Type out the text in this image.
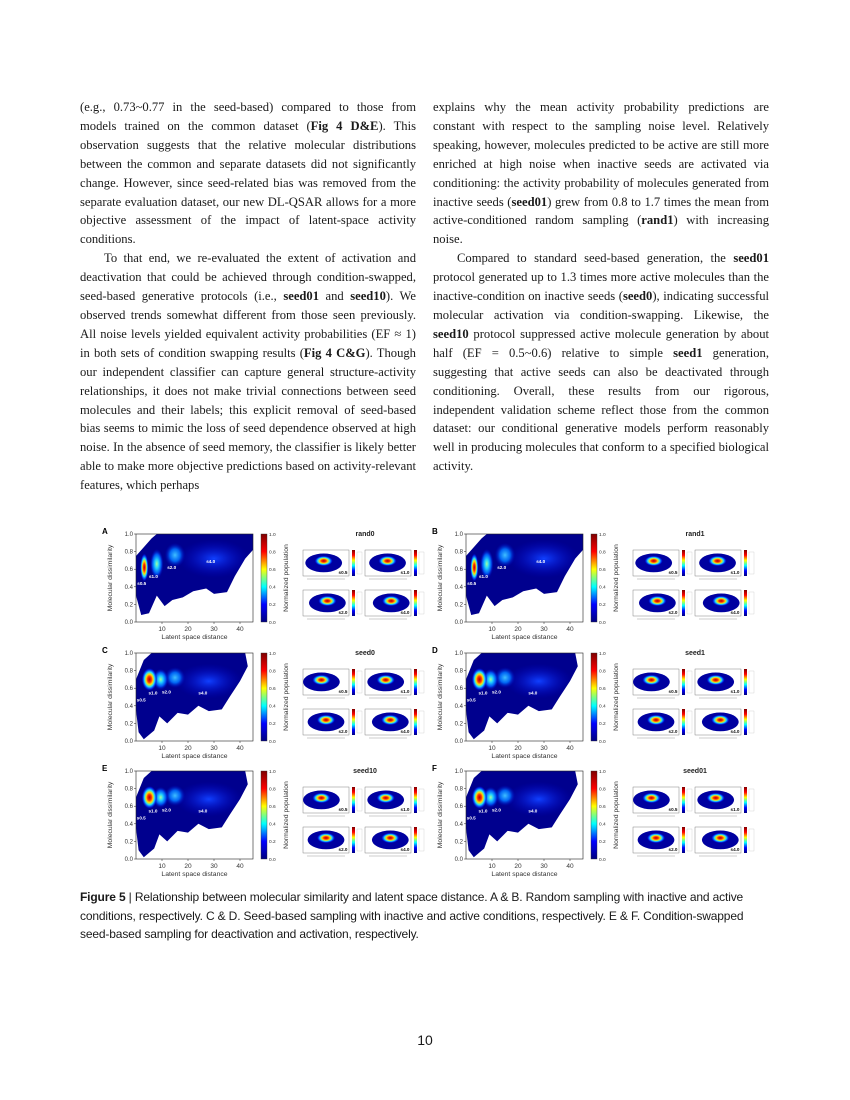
(e.g., 0.73~0.77 in the seed-based) compared to those from models trained on the common dataset (Fig 4 D&E). This observation suggests that the relative molecular distributions between the common and separate datasets did not significantly change. However, since seed-related bias was removed from the separate evaluation dataset, our new DL-QSAR allows for a more objective assessment of the impact of latent-space activity conditions.

To that end, we re-evaluated the extent of activation and deactivation that could be achieved through condition-swapped, seed-based generative protocols (i.e., seed01 and seed10). We observed trends somewhat different from those seen previously. All noise levels yielded equivalent activity probabilities (EF ≈ 1) in both sets of condition swapping results (Fig 4 C&G). Though our independent classifier can capture general structure-activity relationships, it does not make trivial connections between seed molecules and their labels; this explicit removal of seed-based bias seems to mimic the loss of seed dependence observed at high noise. In the absence of seed memory, the classifier is likely better able to make more objective predictions based on activity-relevant features, which perhaps

explains why the mean activity probability predictions are constant with respect to the sampling noise level. Relatively speaking, however, molecules predicted to be active are still more enriched at high noise when inactive seeds are activated via conditioning: the activity probability of molecules generated from inactive seeds (seed01) grew from 0.8 to 1.7 times the mean from active-conditioned random sampling (rand1) with increasing noise.

Compared to standard seed-based generation, the seed01 protocol generated up to 1.3 times more active molecules than the inactive-condition on inactive seeds (seed0), indicating successful molecular activation via condition-swapping. Likewise, the seed10 protocol suppressed active molecule generation by about half (EF = 0.5~0.6) relative to simple seed1 generation, suggesting that active seeds can also be deactivated through conditioning. Overall, these results from our rigorous, independent validation scheme reflect those from the common dataset: our conditional generative models perform reasonably well in producing molecules that conform to a specified biological activity.

A
s0.5
s1.0
s2.0
s4.0
0.0
0.2
0.4
0.6
0.8
1.0
10	20	30	40
Latent space distance
Molecular dissimilarity
0.0
0.2
0.4
0.6
0.8
1.0
Normalized population
rand0
s0.5	s1.0
s2.0	s4.0
B
s0.5
s1.0
s2.0
s4.0
0.0
0.2
0.4
0.6
0.8
1.0
10	20	30	40
Latent space distance
Molecular dissimilarity
0.0
0.2
0.4
0.6
0.8
1.0
Normalized population
rand1
s0.5	s1.0
s2.0	s4.0
C
s0.5
s1.0 s2.0	s4.0
0.0
0.2
0.4
0.6
0.8
1.0
10	20	30	40
Latent space distance
Molecular dissimilarity
0.0
0.2
0.4
0.6
0.8
1.0
Normalized population
seed0
s0.5	s1.0
s2.0	s4.0
D
s0.5
s1.0 s2.0	s4.0
0.0
0.2
0.4
0.6
0.8
1.0
10	20	30	40
Latent space distance
Molecular dissimilarity
0.0
0.2
0.4
0.6
0.8
1.0
Normalized population
seed1
s0.5	s1.0
s2.0	s4.0
E
s0.5
s1.0 s2.0	s4.0
0.0
0.2
0.4
0.6
0.8
1.0
10	20	30	40
Latent space distance
Molecular dissimilarity
0.0
0.2
0.4
0.6
0.8
1.0
Normalized population
seed10
s0.5	s1.0
s2.0	s4.0
F
s0.5
s1.0 s2.0	s4.0
0.0
0.2
0.4
0.6
0.8
1.0
10	20	30	40
Latent space distance
Molecular dissimilarity
0.0
0.2
0.4
0.6
0.8
1.0
Normalized population
seed01
s0.5	s1.0
s2.0	s4.0
Figure 5 | Relationship between molecular similarity and latent space distance. A & B. Random sampling with inactive and active conditions, respectively. C & D. Seed-based sampling with inactive and active conditions, respectively. E & F. Condition-swapped seed-based sampling for deactivation and activation, respectively.
10
